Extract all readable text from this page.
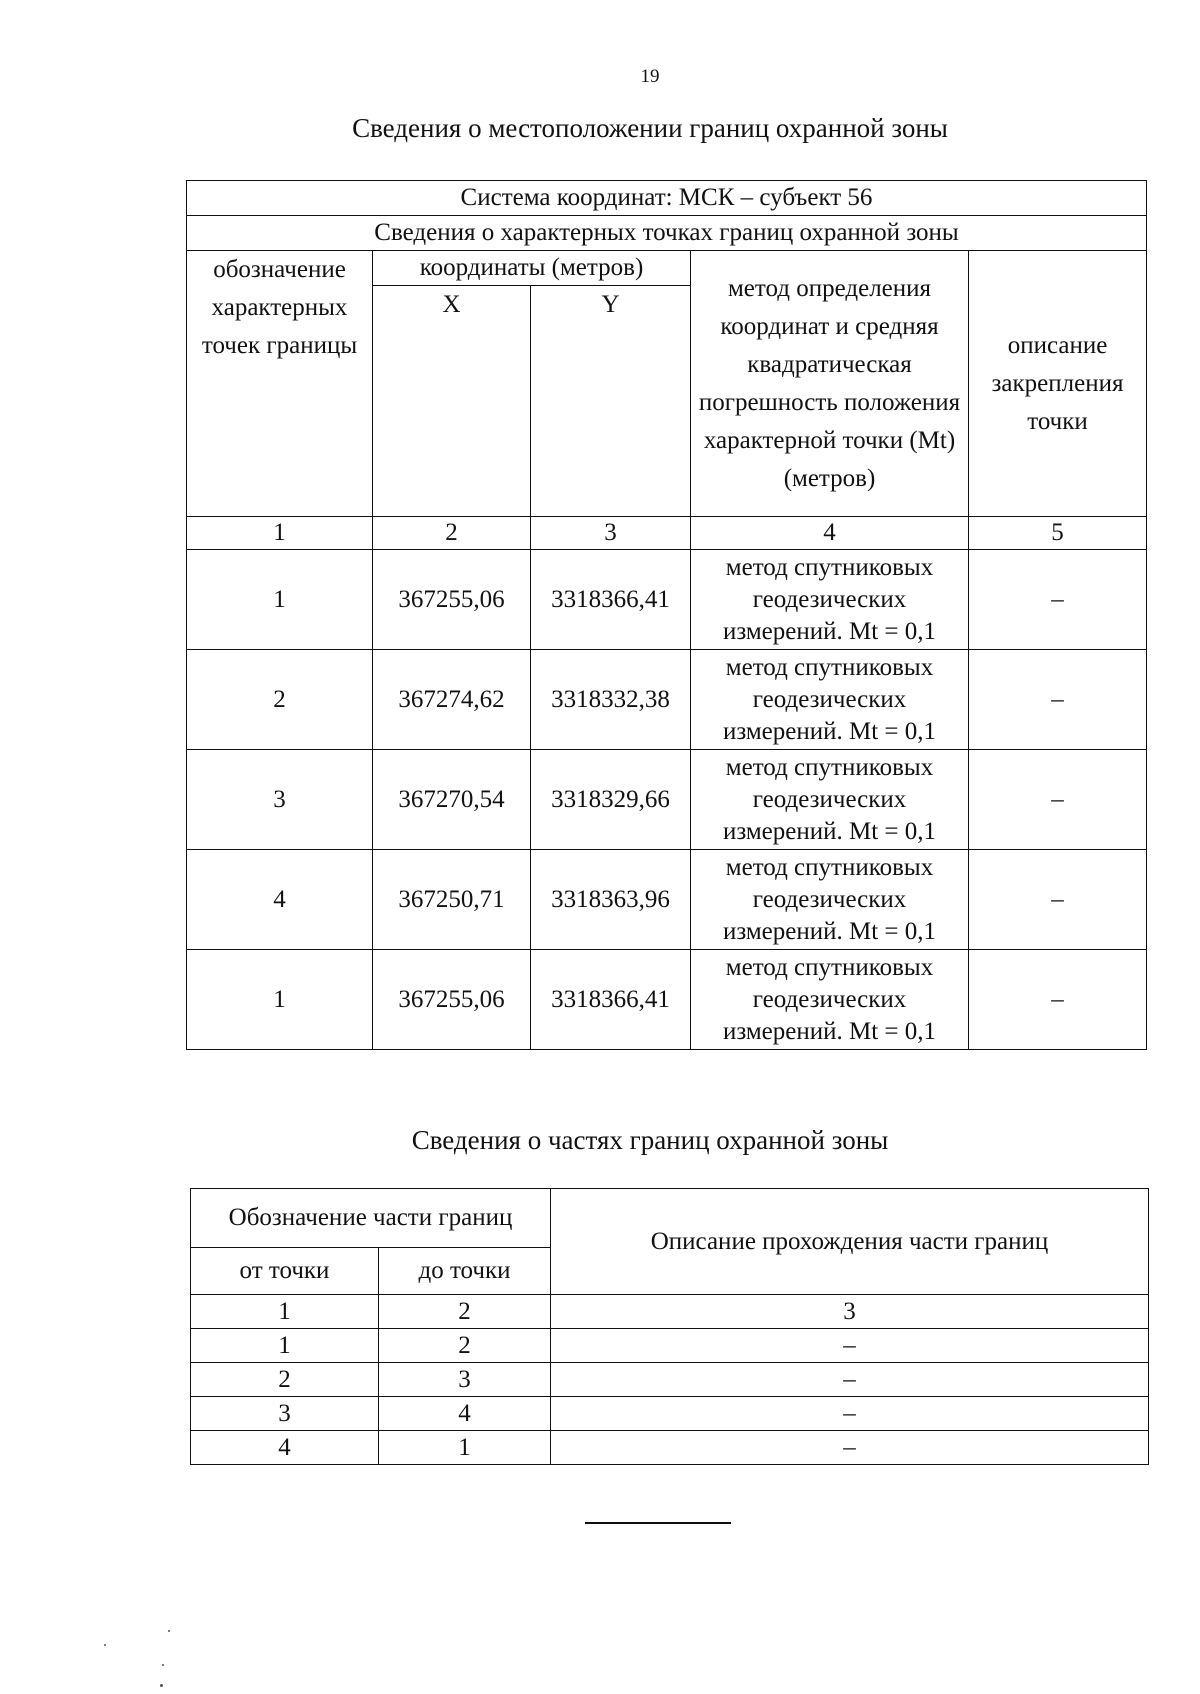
19
Сведения о местоположении границ охранной зоны
Система координат: МСК – субъект 56				
Сведения о характерных точках границ охранной зоны				
обозначение характерных точек границы	координаты (метров)		метод определения координат и средняя квадратическая погрешность положения характерной точки (Mt) (метров)	описание закрепления точки
	X	Y		
1	2	3	4	5
1	367255,06	3318366,41	метод спутниковых геодезических измерений. Mt = 0,1	–
2	367274,62	3318332,38	метод спутниковых геодезических измерений. Mt = 0,1	–
3	367270,54	3318329,66	метод спутниковых геодезических измерений. Mt = 0,1	–
4	367250,71	3318363,96	метод спутниковых геодезических измерений. Mt = 0,1	–
1	367255,06	3318366,41	метод спутниковых геодезических измерений. Mt = 0,1	–
Сведения о частях границ охранной зоны
Обозначение части границ		Описание прохождения части границ
от точки	до точки	
1	2	3
1	2	–
2	3	–
3	4	–
4	1	–
